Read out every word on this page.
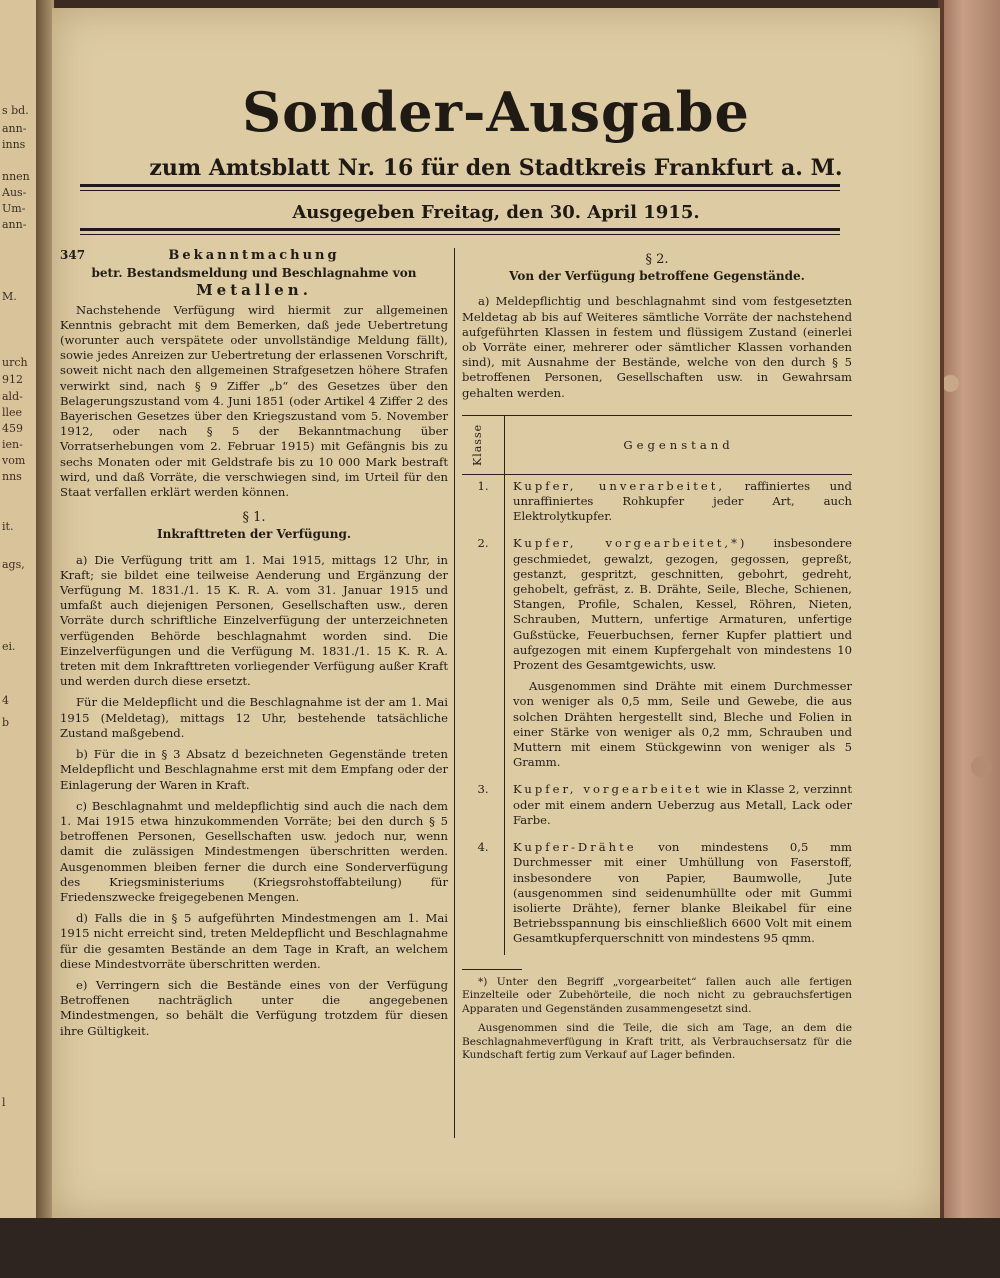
s bd.
ann-
inns
nnen
Aus-
Um-
ann-
M.
urch
912
ald-
llee
459
ien-
vom
nns
it.
ags,
ei.
4
b
l
Sonder-Ausgabe
zum Amtsblatt Nr. 16 für den Stadtkreis Frankfurt a. M.
Ausgegeben Freitag, den 30. April 1915.
347	Bekanntmachung
betr. Bestandsmeldung und Beschlagnahme von
Metallen.

Nachstehende Verfügung wird hiermit zur allgemeinen Kenntnis gebracht mit dem Bemerken, daß jede Uebertretung (worunter auch verspätete oder unvollständige Meldung fällt), sowie jedes Anreizen zur Uebertretung der erlassenen Vorschrift, soweit nicht nach den allgemeinen Strafgesetzen höhere Strafen verwirkt sind, nach § 9 Ziffer „b“ des Gesetzes über den Belagerungszustand vom 4. Juni 1851 (oder Artikel 4 Ziffer 2 des Bayerischen Gesetzes über den Kriegszustand vom 5. November 1912, oder nach § 5 der Bekanntmachung über Vorratserhebungen vom 2. Februar 1915) mit Gefängnis bis zu sechs Monaten oder mit Geldstrafe bis zu 10 000 Mark bestraft wird, und daß Vorräte, die verschwiegen sind, im Urteil für den Staat verfallen erklärt werden können.

§ 1.
Inkrafttreten der Verfügung.

a) Die Verfügung tritt am 1. Mai 1915, mittags 12 Uhr, in Kraft; sie bildet eine teilweise Aenderung und Ergänzung der Verfügung M. 1831./1. 15 K. R. A. vom 31. Januar 1915 und umfaßt auch diejenigen Personen, Gesellschaften usw., deren Vorräte durch schriftliche Einzelverfügung der unterzeichneten verfügenden Behörde beschlagnahmt worden sind. Die Einzelverfügungen und die Verfügung M. 1831./1. 15 K. R. A. treten mit dem Inkrafttreten vorliegender Verfügung außer Kraft und werden durch diese ersetzt.

Für die Meldepflicht und die Beschlagnahme ist der am 1. Mai 1915 (Meldetag), mittags 12 Uhr, bestehende tatsächliche Zustand maßgebend.

b) Für die in § 3 Absatz d bezeichneten Gegenstände treten Meldepflicht und Beschlagnahme erst mit dem Empfang oder der Einlagerung der Waren in Kraft.

c) Beschlagnahmt und meldepflichtig sind auch die nach dem 1. Mai 1915 etwa hinzukommenden Vorräte; bei den durch § 5 betroffenen Personen, Gesellschaften usw. jedoch nur, wenn damit die zulässigen Mindestmengen überschritten werden. Ausgenommen bleiben ferner die durch eine Sonderverfügung des Kriegsministeriums (Kriegsrohstoffabteilung) für Friedenszwecke freigegebenen Mengen.

d) Falls die in § 5 aufgeführten Mindestmengen am 1. Mai 1915 nicht erreicht sind, treten Meldepflicht und Beschlagnahme für die gesamten Bestände an dem Tage in Kraft, an welchem diese Mindestvorräte überschritten werden.

e) Verringern sich die Bestände eines von der Verfügung Betroffenen nachträglich unter die angegebenen Mindestmengen, so behält die Verfügung trotzdem für diesen ihre Gültigkeit.

§ 2.
Von der Verfügung betroffene Gegenstände.

a) Meldepflichtig und beschlagnahmt sind vom festgesetzten Meldetag ab bis auf Weiteres sämtliche Vorräte der nachstehend aufgeführten Klassen in festem und flüssigem Zustand (einerlei ob Vorräte einer, mehrerer oder sämtlicher Klassen vorhanden sind), mit Ausnahme der Bestände, welche von den durch § 5 betroffenen Personen, Gesellschaften usw. in Gewahrsam gehalten werden.

Klasse	Gegenstand
1.	Kupfer, unverarbeitet, raffiniertes und unraffiniertes Rohkupfer jeder Art, auch Elektrolytkupfer.

2.	Kupfer, vorgearbeitet,*) insbesondere geschmiedet, gewalzt, gezogen, gegossen, gepreßt, gestanzt, gespritzt, geschnitten, gebohrt, gedreht, gehobelt, gefräst, z. B. Drähte, Seile, Bleche, Schienen, Stangen, Profile, Schalen, Kessel, Röhren, Nieten, Schrauben, Muttern, unfertige Armaturen, unfertige Gußstücke, Feuerbuchsen, ferner Kupfer plattiert und aufgezogen mit einem Kupfergehalt von mindestens 10 Prozent des Gesamtgewichts, usw.

Ausgenommen sind Drähte mit einem Durchmesser von weniger als 0,5 mm, Seile und Gewebe, die aus solchen Drähten hergestellt sind, Bleche und Folien in einer Stärke von weniger als 0,2 mm, Schrauben und Muttern mit einem Stückgewinn von weniger als 5 Gramm.

3.	Kupfer, vorgearbeitet wie in Klasse 2, verzinnt oder mit einem andern Ueberzug aus Metall, Lack oder Farbe.

4.	Kupfer-Drähte von mindestens 0,5 mm Durchmesser mit einer Umhüllung von Faserstoff, insbesondere von Papier, Baumwolle, Jute (ausgenommen sind seidenumhüllte oder mit Gummi isolierte Drähte), ferner blanke Bleikabel für eine Betriebsspannung bis einschließlich 6600 Volt mit einem Gesamtkupferquerschnitt von mindestens 95 qmm.

*) Unter den Begriff „vorgearbeitet“ fallen auch alle fertigen Einzelteile oder Zubehörteile, die noch nicht zu gebrauchsfertigen Apparaten und Gegenständen zusammengesetzt sind.

Ausgenommen sind die Teile, die sich am Tage, an dem die Beschlagnahmeverfügung in Kraft tritt, als Verbrauchsersatz für die Kundschaft fertig zum Verkauf auf Lager befinden.
